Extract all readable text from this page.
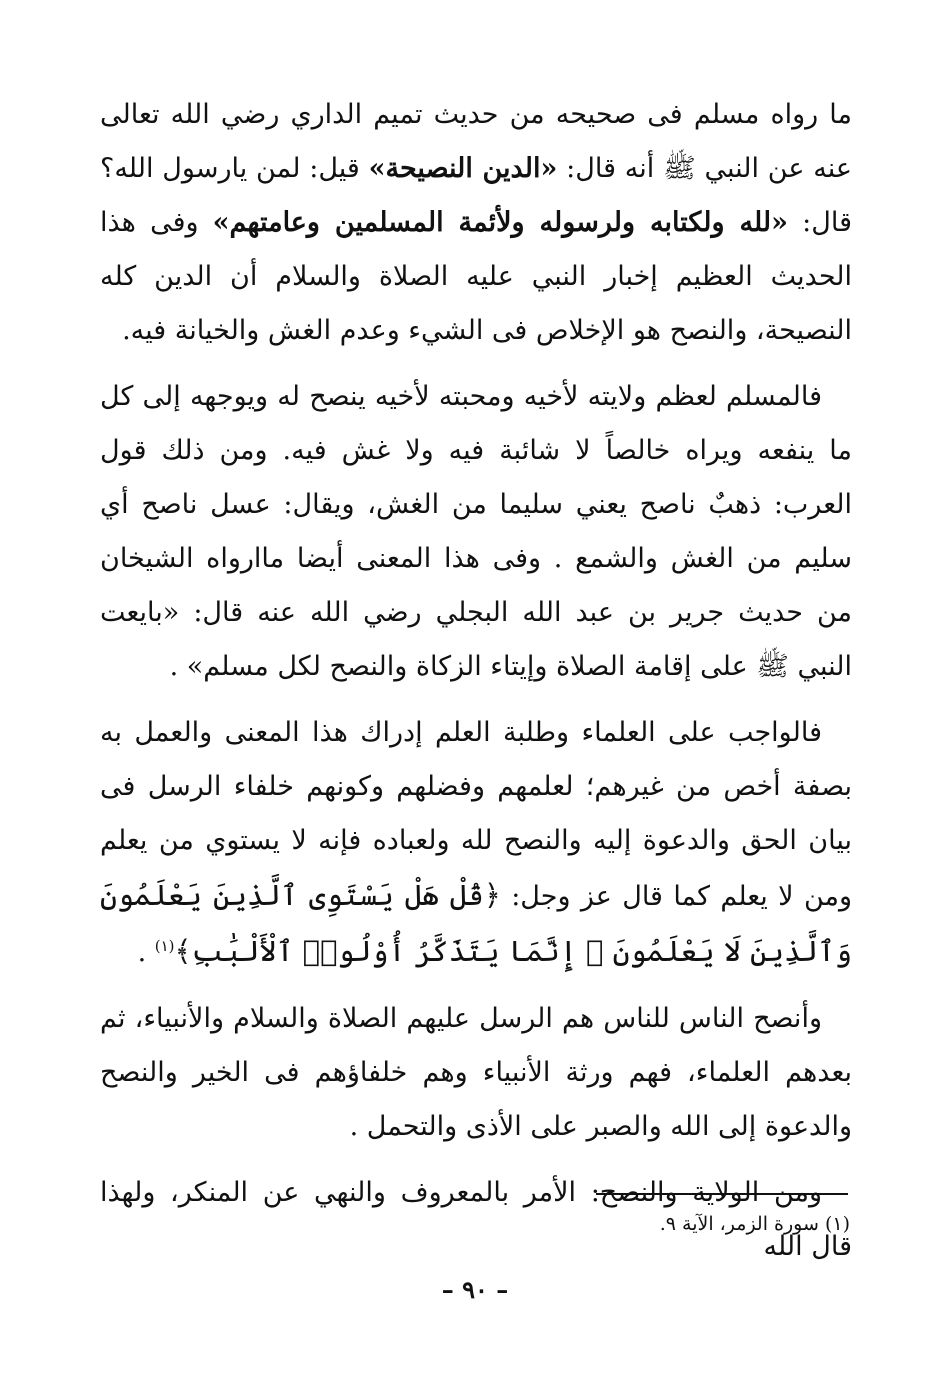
ما رواه مسلم فى صحيحه من حديث تميم الداري رضي الله تعالى عنه عن النبي ﷺ أنه قال: «الدين النصيحة» قيل: لمن يارسول الله؟ قال: «لله ولكتابه ولرسوله ولأئمة المسلمين وعامتهم» وفى هذا الحديث العظيم إخبار النبي عليه الصلاة والسلام أن الدين كله النصيحة، والنصح هو الإخلاص فى الشيء وعدم الغش والخيانة فيه.

فالمسلم لعظم ولايته لأخيه ومحبته لأخيه ينصح له ويوجهه إلى كل ما ينفعه ويراه خالصاً لا شائبة فيه ولا غش فيه. ومن ذلك قول العرب: ذهبٌ ناصح يعني سليما من الغش، ويقال: عسل ناصح أي سليم من الغش والشمع . وفى هذا المعنى أيضا ماارواه الشيخان من حديث جرير بن عبد الله البجلي رضي الله عنه قال: «بايعت النبي ﷺ على إقامة الصلاة وإيتاء الزكاة والنصح لكل مسلم» .

فالواجب على العلماء وطلبة العلم إدراك هذا المعنى والعمل به بصفة أخص من غيرهم؛ لعلمهم وفضلهم وكونهم خلفاء الرسل فى بيان الحق والدعوة إليه والنصح لله ولعباده فإنه لا يستوي من يعلم ومن لا يعلم كما قال عز وجل: ﴿قُلْ هَلْ يَسْتَوِى ٱلَّذِينَ يَعْلَمُونَ وَٱلَّذِينَ لَا يَعْلَمُونَ ۗ إِنَّمَا يَتَذَكَّرُ أُوْلُوا۟ ٱلْأَلْبَٰبِ﴾$^{(١)}$ .

وأنصح الناس للناس هم الرسل عليهم الصلاة والسلام والأنبياء، ثم بعدهم العلماء، فهم ورثة الأنبياء وهم خلفاؤهم فى الخير والنصح والدعوة إلى الله والصبر على الأذى والتحمل .

ومن الولاية والنصح: الأمر بالمعروف والنهي عن المنكر، ولهذا قال الله

(١) سورة الزمر، الآية ٩.
– ٩٠ –
